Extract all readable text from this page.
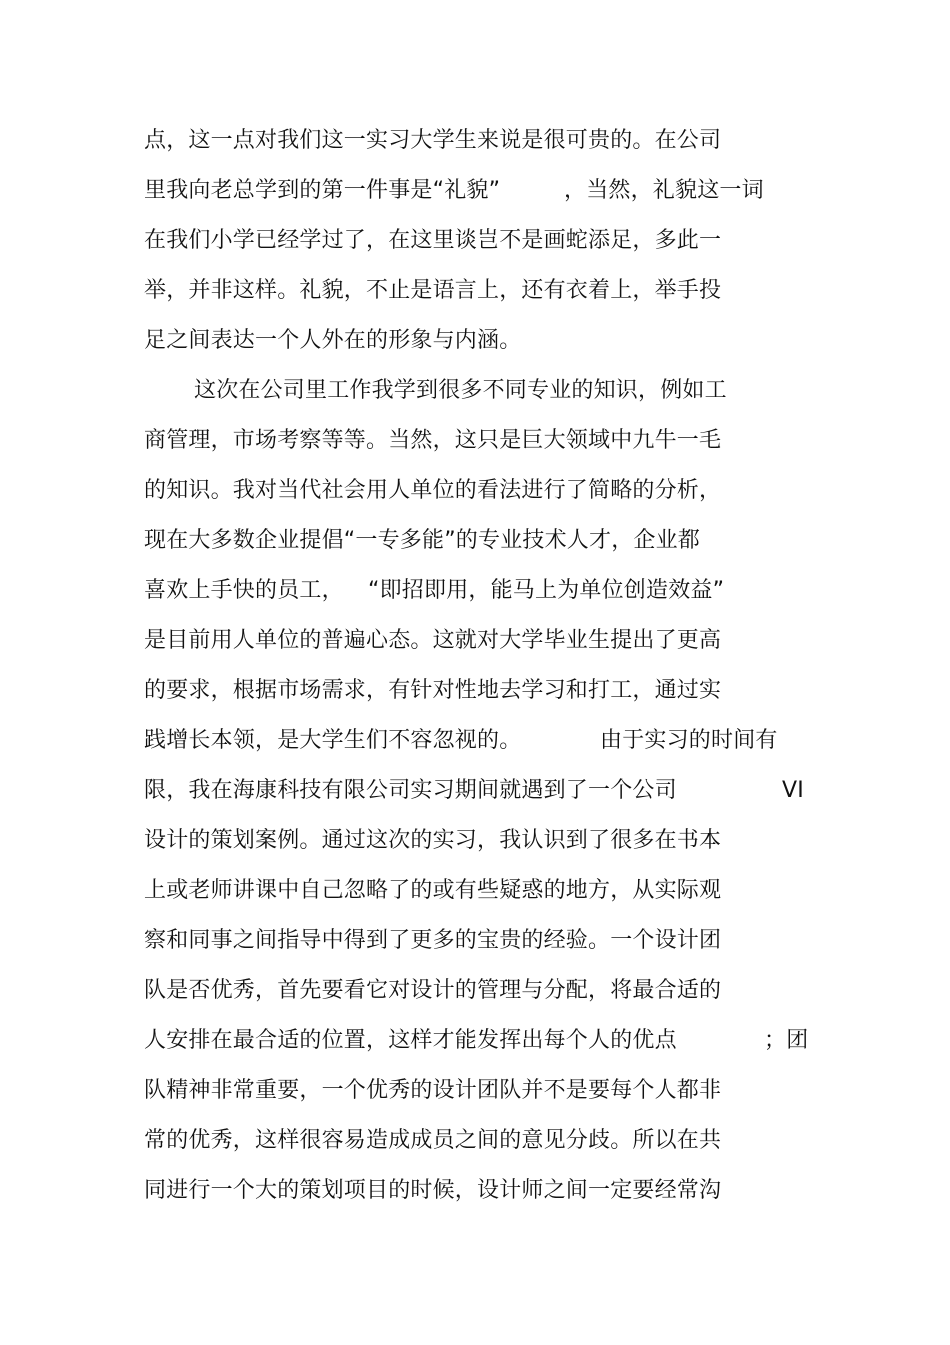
点，这一点对我们这一实习大学生来说是很可贵的。在公司

里我向老总学到的第一件事是“礼貌”

	，当然，礼貌这一词

在我们小学已经学过了，在这里谈岂不是画蛇添足，多此一

举，并非这样。礼貌，不止是语言上，还有衣着上，举手投

足之间表达一个人外在的形象与内涵。

这次在公司里工作我学到很多不同专业的知识，例如工

商管理，市场考察等等。当然，这只是巨大领域中九牛一毛

的知识。我对当代社会用人单位的看法进行了简略的分析，

现在大多数企业提倡“一专多能”的专业技术人才，企业都

喜欢上手快的员工，

“即招即用，能马上为单位创造效益”

是目前用人单位的普遍心态。这就对大学毕业生提出了更高

的要求，根据市场需求，有针对性地去学习和打工，通过实

践增长本领，是大学生们不容忽视的。

	由于实习的时间有

限，我在海康科技有限公司实习期间就遇到了一个公司

	VI

设计的策划案例。通过这次的实习，我认识到了很多在书本

上或老师讲课中自己忽略了的或有些疑惑的地方，从实际观

察和同事之间指导中得到了更多的宝贵的经验。一个设计团

队是否优秀，首先要看它对设计的管理与分配，将最合适的

人安排在最合适的位置，这样才能发挥出每个人的优点

	；团

队精神非常重要，一个优秀的设计团队并不是要每个人都非

常的优秀，这样很容易造成成员之间的意见分歧。所以在共

同进行一个大的策划项目的时候，设计师之间一定要经常沟
